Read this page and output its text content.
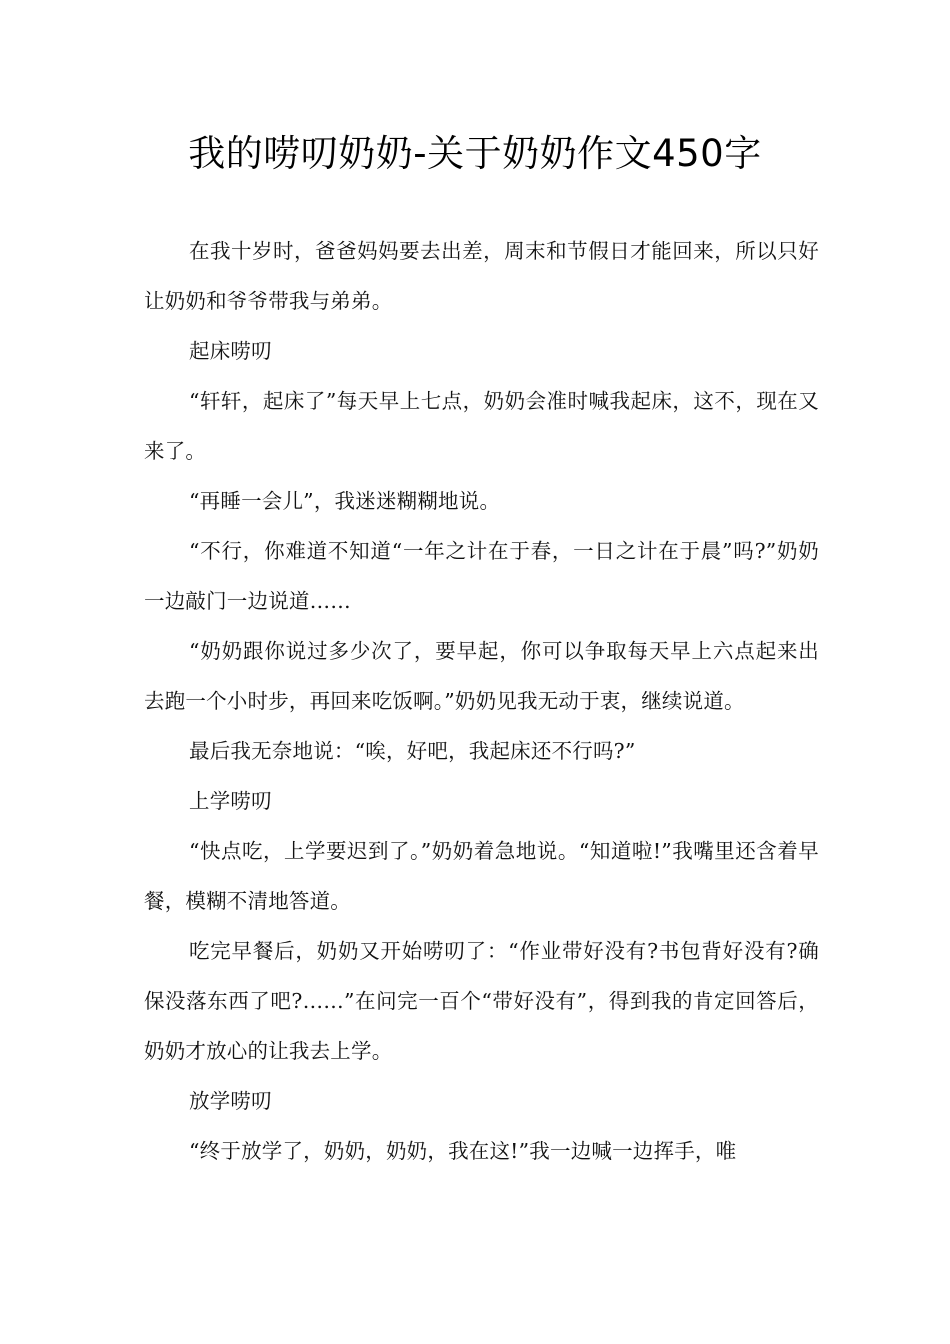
我的唠叨奶奶-关于奶奶作文450字

在我十岁时，爸爸妈妈要去出差，周末和节假日才能回来，所以只好让奶奶和爷爷带我与弟弟。

起床唠叨

“轩轩，起床了”每天早上七点，奶奶会准时喊我起床，这不，现在又来了。

“再睡一会儿”，我迷迷糊糊地说。

“不行，你难道不知道“一年之计在于春，一日之计在于晨”吗?”奶奶一边敲门一边说道……

“奶奶跟你说过多少次了，要早起，你可以争取每天早上六点起来出去跑一个小时步，再回来吃饭啊。”奶奶见我无动于衷，继续说道。

最后我无奈地说：“唉，好吧，我起床还不行吗?”

上学唠叨

“快点吃，上学要迟到了。”奶奶着急地说。“知道啦!”我嘴里还含着早餐，模糊不清地答道。

吃完早餐后，奶奶又开始唠叨了：“作业带好没有?书包背好没有?确保没落东西了吧?……”在问完一百个“带好没有”，得到我的肯定回答后，奶奶才放心的让我去上学。

放学唠叨

“终于放学了，奶奶，奶奶，我在这!”我一边喊一边挥手，唯
